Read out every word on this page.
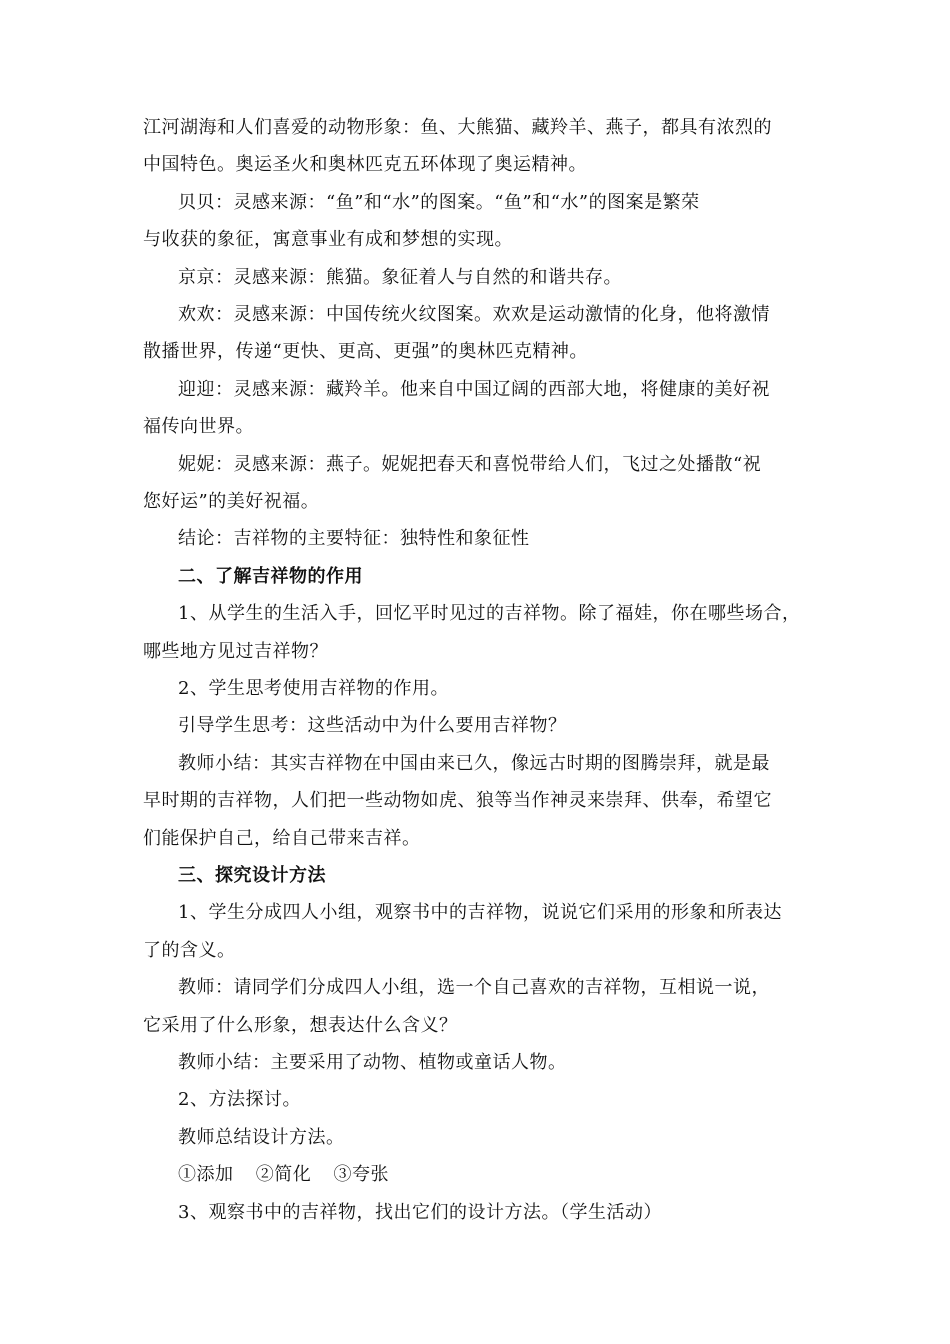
江河湖海和人们喜爱的动物形象：鱼、大熊猫、藏羚羊、燕子，都具有浓烈的
中国特色。奥运圣火和奥林匹克五环体现了奥运精神。
贝贝：灵感来源：“鱼”和“水”的图案。“鱼”和“水”的图案是繁荣
与收获的象征，寓意事业有成和梦想的实现。
京京：灵感来源：熊猫。象征着人与自然的和谐共存。
欢欢：灵感来源：中国传统火纹图案。欢欢是运动激情的化身，他将激情
散播世界，传递“更快、更高、更强”的奥林匹克精神。
迎迎：灵感来源：藏羚羊。他来自中国辽阔的西部大地，将健康的美好祝
福传向世界。
妮妮：灵感来源：燕子。妮妮把春天和喜悦带给人们，飞过之处播散“祝
您好运”的美好祝福。
结论：吉祥物的主要特征：独特性和象征性
二、了解吉祥物的作用
1、从学生的生活入手，回忆平时见过的吉祥物。除了福娃，你在哪些场合，
哪些地方见过吉祥物？
2、学生思考使用吉祥物的作用。
引导学生思考：这些活动中为什么要用吉祥物？
教师小结：其实吉祥物在中国由来已久，像远古时期的图腾崇拜，就是最
早时期的吉祥物，人们把一些动物如虎、狼等当作神灵来崇拜、供奉，希望它
们能保护自己，给自己带来吉祥。
三、探究设计方法
1、学生分成四人小组，观察书中的吉祥物，说说它们采用的形象和所表达
了的含义。
教师：请同学们分成四人小组，选一个自己喜欢的吉祥物，互相说一说，
它采用了什么形象，想表达什么含义？
教师小结：主要采用了动物、植物或童话人物。
2、方法探讨。
教师总结设计方法。
①添加 ②简化 ③夸张
3、观察书中的吉祥物，找出它们的设计方法。（学生活动）
